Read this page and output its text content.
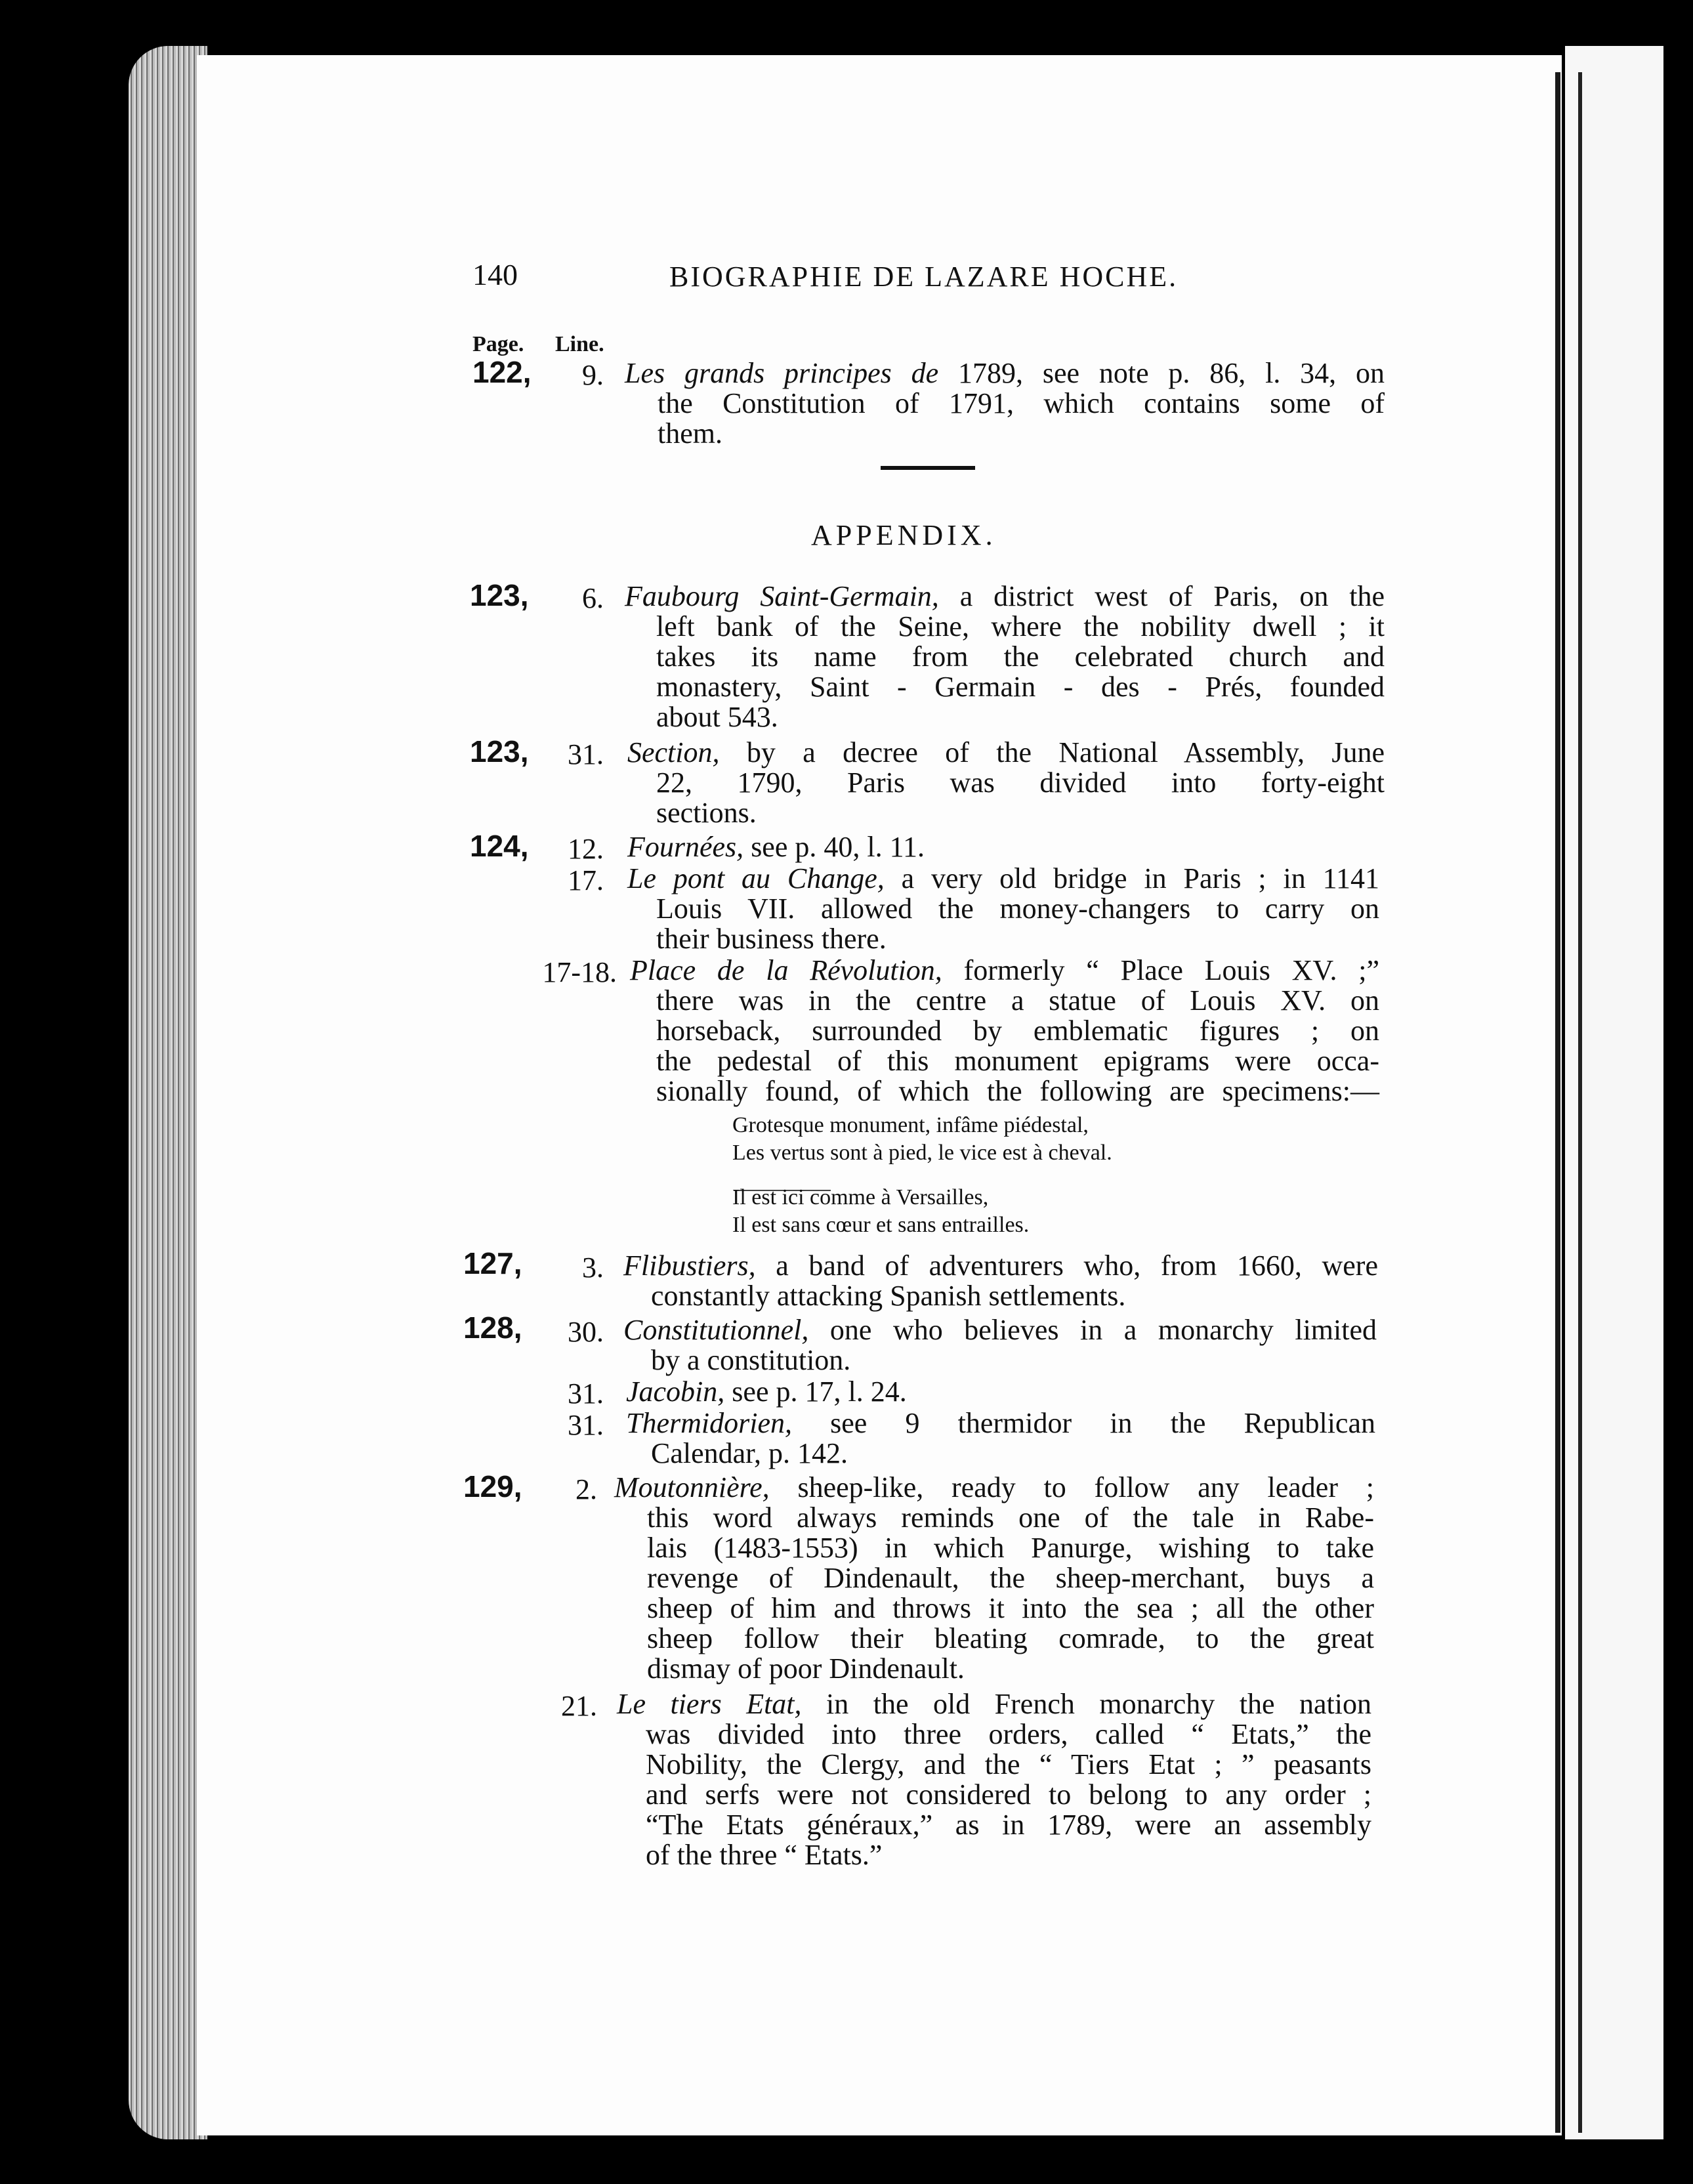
140	BIOGRAPHIE DE LAZARE HOCHE.
Page. Line.
122,	9. Les grands principes de 1789, see note p. 86, l. 34, on
the Constitution of 1791, which contains some of
them.
APPENDIX.
123,	6. Faubourg Saint-Germain, a district west of Paris, on the
left bank of the Seine, where the nobility dwell ; it
takes its name from the celebrated church and
monastery, Saint - Germain - des - Prés, founded
about 543.
123,	31. Section, by a decree of the National Assembly, June
22, 1790, Paris was divided into forty-eight
sections.
124,	12. Fournées, see p. 40, l. 11.
17. Le pont au Change, a very old bridge in Paris ; in 1141
Louis VII. allowed the money-changers to carry on
their business there.
17-18. Place de la Révolution, formerly “ Place Louis XV. ;”
there was in the centre a statue of Louis XV. on
horseback, surrounded by emblematic figures ; on
the pedestal of this monument epigrams were occa-
sionally found, of which the following are specimens:—
Grotesque monument, infâme piédestal,
Les vertus sont à pied, le vice est à cheval.
Il est ici comme à Versailles,
Il est sans cœur et sans entrailles.
127,	3. Flibustiers, a band of adventurers who, from 1660, were
constantly attacking Spanish settlements.
128,	30. Constitutionnel, one who believes in a monarchy limited
by a constitution.
31. Jacobin, see p. 17, l. 24.
31. Thermidorien, see 9 thermidor in the Republican
Calendar, p. 142.
129,	2. Moutonnière, sheep-like, ready to follow any leader ;
this word always reminds one of the tale in Rabe-
lais (1483-1553) in which Panurge, wishing to take
revenge of Dindenault, the sheep-merchant, buys a
sheep of him and throws it into the sea ; all the other
sheep follow their bleating comrade, to the great
dismay of poor Dindenault.
21. Le tiers Etat, in the old French monarchy the nation
was divided into three orders, called “ Etats,” the
Nobility, the Clergy, and the “ Tiers Etat ; ” peasants
and serfs were not considered to belong to any order ;
“The Etats généraux,” as in 1789, were an assembly
of the three “ Etats.”
